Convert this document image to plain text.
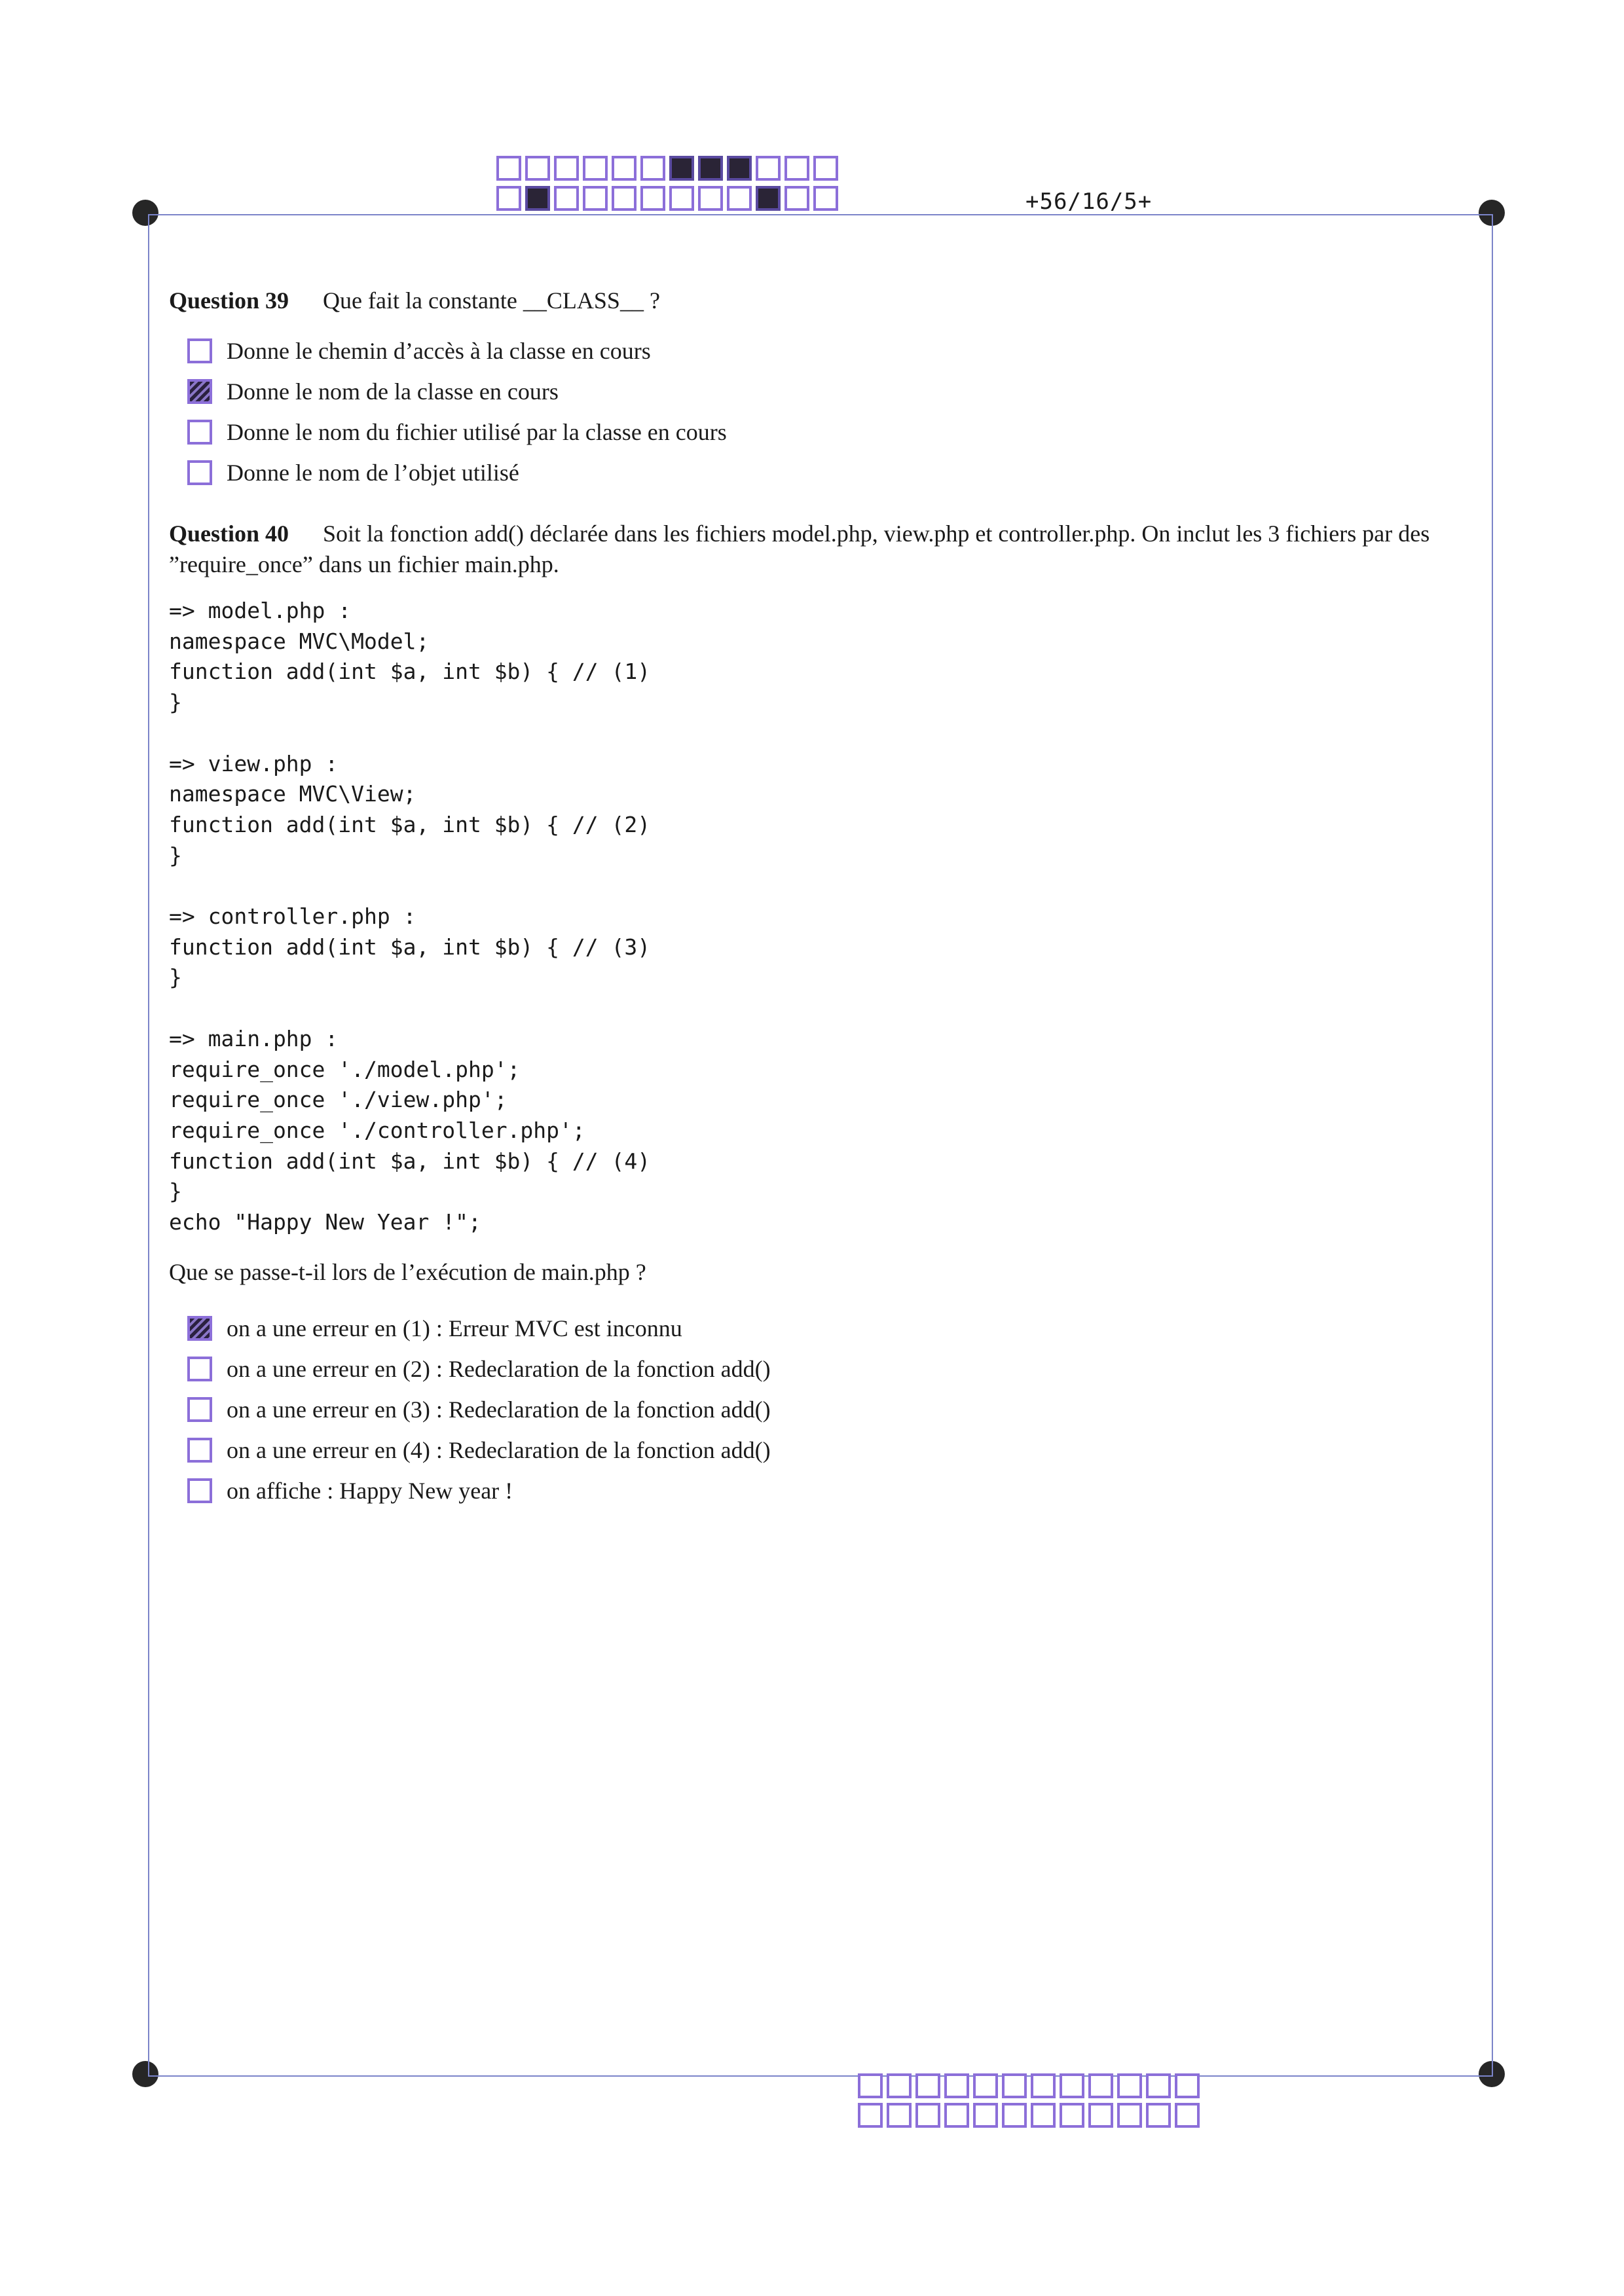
+56/16/5+
Question 39 Que fait la constante __CLASS__ ?
Donne le chemin d’accès à la classe en cours
Donne le nom de la classe en cours
Donne le nom du fichier utilisé par la classe en cours
Donne le nom de l’objet utilisé
Question 40 Soit la fonction add() déclarée dans les fichiers model.php, view.php et controller.php. On inclut les 3 fichiers par des ”require_once” dans un fichier main.php.
=> model.php :
namespace MVC\Model;
function add(int $a, int $b) { // (1)
}

=> view.php :
namespace MVC\View;
function add(int $a, int $b) { // (2)
}

=> controller.php :
function add(int $a, int $b) { // (3)
}

=> main.php :
require_once './model.php';
require_once './view.php';
require_once './controller.php';
function add(int $a, int $b) { // (4)
}
echo "Happy New Year !";
Que se passe-t-il lors de l’exécution de main.php ?
on a une erreur en (1) : Erreur MVC est inconnu
on a une erreur en (2) : Redeclaration de la fonction add()
on a une erreur en (3) : Redeclaration de la fonction add()
on a une erreur en (4) : Redeclaration de la fonction add()
on affiche : Happy New year !
